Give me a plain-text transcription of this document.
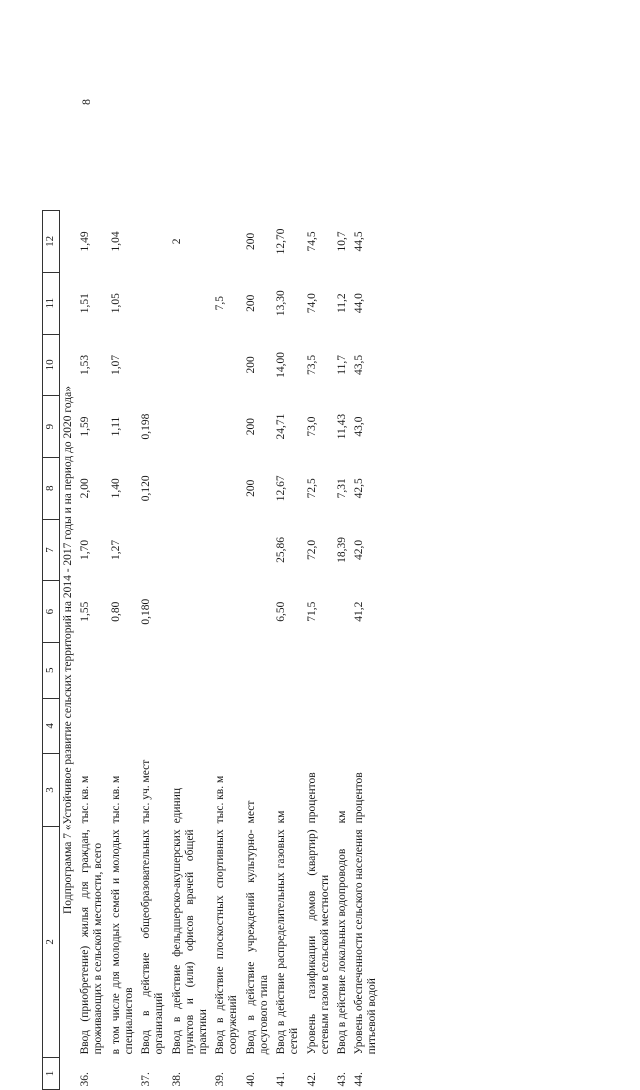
8
1	2	3	4	5	6	7	8	9	10	11	12
Подпрограмма 7 «Устойчивое развитие сельских территорий на 2014 - 2017 годы и на период до 2020 года»											
36.	Ввод (приобретение) жилья для граждан, проживающих в сельской местности, всего	тыс. кв. м			1,55	1,70	2,00	1,59	1,53	1,51	1,49
	в том числе для молодых семей и молодых специалистов	тыс. кв. м			0,80	1,27	1,40	1,11	1,07	1,05	1,04
37.	Ввод в действие общеобразовательных организаций	тыс. уч. мест			0,180		0,120	0,198			
38.	Ввод в действие фельдшерско-акушерских пунктов и (или) офисов врачей общей практики	единиц									2
39.	Ввод в действие плоскостных спортивных сооружений	тыс. кв. м								7,5	
40.	Ввод в действие учреждений культурно-досугового типа	мест					200	200	200	200	200
41.	Ввод в действие распределительных газовых сетей	км			6,50	25,86	12,67	24,71	14,00	13,30	12,70
42.	Уровень газификации домов (квартир) сетевым газом в сельской местности	процентов			71,5	72,0	72,5	73,0	73,5	74,0	74,5
43.	Ввод в действие локальных водопроводов	км				18,39	7,31	11,43	11,7	11,2	10,7
44.	Уровень обеспеченности сельского населения питьевой водой	процентов			41,2	42,0	42,5	43,0	43,5	44,0	44,5
